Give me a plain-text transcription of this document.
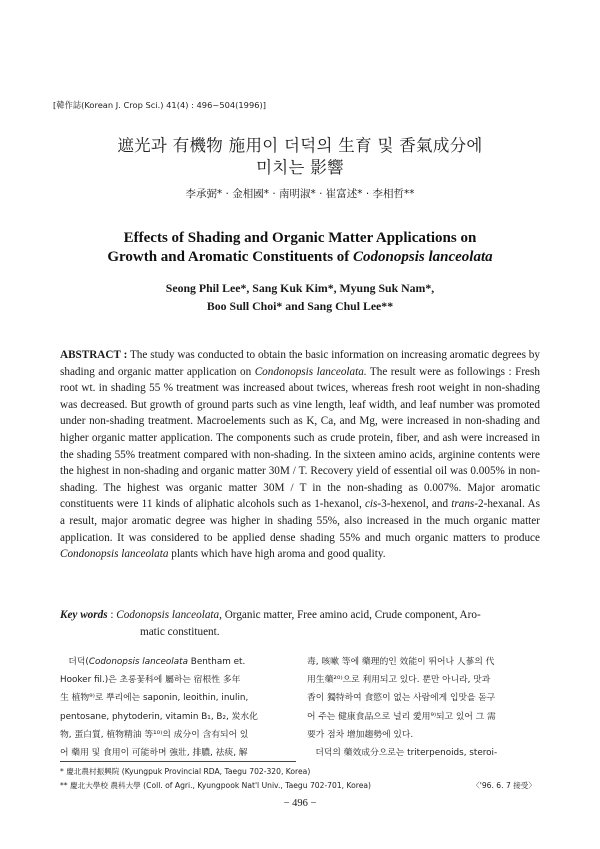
[韓作誌(Korean J. Crop Sci.) 41(4) : 496~504(1996)]
遮光과 有機物 施用이 더덕의 生育 및 香氣成分에
미치는 影響
李承弼* · 金相國* · 南明淑* · 崔富述* · 李相哲**
Effects of Shading and Organic Matter Applications on
Growth and Aromatic Constituents of Codonopsis lanceolata
Seong Phil Lee*, Sang Kuk Kim*, Myung Suk Nam*,
Boo Sull Choi* and Sang Chul Lee**
ABSTRACT : The study was conducted to obtain the basic information on increasing aromatic degrees by shading and organic matter application on Condonopsis lanceolata. The result were as followings : Fresh root wt. in shading 55 % treatment was increased about twices, whereas fresh root weight in non-shading was decreased. But growth of ground parts such as vine length, leaf width, and leaf number was promoted under non-shading treatment. Macroelements such as K, Ca, and Mg, were increased in non-shading and higher organic matter application. The components such as crude protein, fiber, and ash were increased in the shading 55% treatment compared with non-shading. In the sixteen amino acids, arginine contents were the highest in non-shading and organic matter 30M / T. Recovery yield of essential oil was 0.005% in non-shading. The highest was organic matter 30M / T in the non-shading as 0.007%. Major aromatic constituents were 11 kinds of aliphatic alcohols such as 1-hexanol, cis-3-hexenol, and trans-2-hexanal. As a result, major aromatic degree was higher in shading 55%, also increased in the much organic matter application. It was considered to be applied dense shading 55% and much organic matters to produce Condonopsis lanceolata plants which have high aroma and good quality.
Key words : Codonopsis lanceolata, Organic matter, Free amino acid, Crude component, Aro-
matic constituent.

더덕(Codonopsis lanceolata Bentham et.

Hooker fil.)은 초롱꽃科에 屬하는 宿根性 多年

生 植物⁹⁾로 뿌리에는 saponin, leoithin, inulin,

pentosane, phytoderin, vitamin B₁, B₂, 炭水化

物, 蛋白質, 植物精油 等¹⁰⁾의 成分이 含有되어 있

어 藥用 및 食用이 可能하며 強壯, 排膿, 祛痰, 解

毒, 咳嗽 等에 藥理的인 效能이 뛰어나 人蔘의 代

用生藥²⁰⁾으로 利用되고 있다. 뿐만 아니라, 맛과

香이 獨特하여 食慾이 없는 사람에게 입맛을 돋구

어 주는 健康食品으로 널리 愛用⁹⁾되고 있어 그 需

要가 점차 增加趨勢에 있다.

더덕의 藥效成分으로는 triterpenoids, steroi-

* 慶北農村振興院 (Kyungpuk Provincial RDA, Taegu 702-320, Korea)
** 慶北大學校 農科大學 (Coll. of Agri., Kyungpook Nat'l Univ., Taegu 702-701, Korea)	〈'96. 6. 7 接受〉
− 496 −
